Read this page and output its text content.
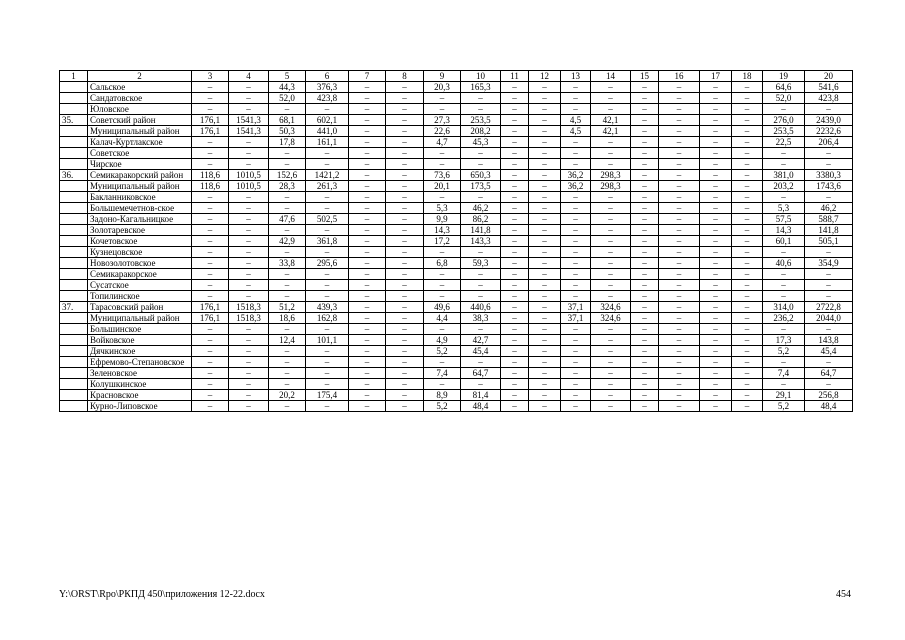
1	2	3	4	5	6	7	8	9	10	11	12	13	14	15	16	17	18	19	20
	Сальское	–	–	44,3	376,3	–	–	20,3	165,3	–	–	–	–	–	–	–	–	64,6	541,6
	Сандатовское	–	–	52,0	423,8	–	–	–	–	–	–	–	–	–	–	–	–	52,0	423,8
	Юловское	–	–	–	–	–	–	–	–	–	–	–	–	–	–	–	–	–	–
35.	Советский район	176,1	1541,3	68,1	602,1	–	–	27,3	253,5	–	–	4,5	42,1	–	–	–	–	276,0	2439,0
	Муниципальный район	176,1	1541,3	50,3	441,0	–	–	22,6	208,2	–	–	4,5	42,1	–	–	–	–	253,5	2232,6
	Калач-Куртлакское	–	–	17,8	161,1	–	–	4,7	45,3	–	–	–	–	–	–	–	–	22,5	206,4
	Советское	–	–	–	–	–	–	–	–	–	–	–	–	–	–	–	–	–	–
	Чирское	–	–	–	–	–	–	–	–	–	–	–	–	–	–	–	–	–	–
36.	Семикаракорский район	118,6	1010,5	152,6	1421,2	–	–	73,6	650,3	–	–	36,2	298,3	–	–	–	–	381,0	3380,3
	Муниципальный район	118,6	1010,5	28,3	261,3	–	–	20,1	173,5	–	–	36,2	298,3	–	–	–	–	203,2	1743,6
	Бакланниковское	–	–	–	–	–	–	–	–	–	–	–	–	–	–	–	–	–	–
	Большемечетнов-ское	–	–	–	–	–	–	5,3	46,2	–	–	–	–	–	–	–	–	5,3	46,2
	Задоно-Кагальницкое	–	–	47,6	502,5	–	–	9,9	86,2	–	–	–	–	–	–	–	–	57,5	588,7
	Золотаревское	–	–	–	–	–	–	14,3	141,8	–	–	–	–	–	–	–	–	14,3	141,8
	Кочетовское	–	–	42,9	361,8	–	–	17,2	143,3	–	–	–	–	–	–	–	–	60,1	505,1
	Кузнецовское	–	–	–	–	–	–	–	–	–	–	–	–	–	–	–	–	–	–
	Новозолотовское	–	–	33,8	295,6	–	–	6,8	59,3	–	–	–	–	–	–	–	–	40,6	354,9
	Семикаракорское	–	–	–	–	–	–	–	–	–	–	–	–	–	–	–	–	–	–
	Сусатское	–	–	–	–	–	–	–	–	–	–	–	–	–	–	–	–	–	–
	Топилинское	–	–	–	–	–	–	–	–	–	–	–	–	–	–	–	–	–	–
37.	Тарасовский район	176,1	1518,3	51,2	439,3	–	–	49,6	440,6	–	–	37,1	324,6	–	–	–	–	314,0	2722,8
	Муниципальный район	176,1	1518,3	18,6	162,8	–	–	4,4	38,3	–	–	37,1	324,6	–	–	–	–	236,2	2044,0
	Большинское	–	–	–	–	–	–	–	–	–	–	–	–	–	–	–	–	–	–
	Войковское	–	–	12,4	101,1	–	–	4,9	42,7	–	–	–	–	–	–	–	–	17,3	143,8
	Дячкинское	–	–	–	–	–	–	5,2	45,4	–	–	–	–	–	–	–	–	5,2	45,4
	Ефремово-Степановское	–	–	–	–	–	–	–	–	–	–	–	–	–	–	–	–	–	–
	Зеленовское	–	–	–	–	–	–	7,4	64,7	–	–	–	–	–	–	–	–	7,4	64,7
	Колушкинское	–	–	–	–	–	–	–	–	–	–	–	–	–	–	–	–	–	–
	Красновское	–	–	20,2	175,4	–	–	8,9	81,4	–	–	–	–	–	–	–	–	29,1	256,8
	Курно-Липовское	–	–	–	–	–	–	5,2	48,4	–	–	–	–	–	–	–	–	5,2	48,4
Y:\ORST\Rpo\РКПД 450\приложения 12-22.docx	454
